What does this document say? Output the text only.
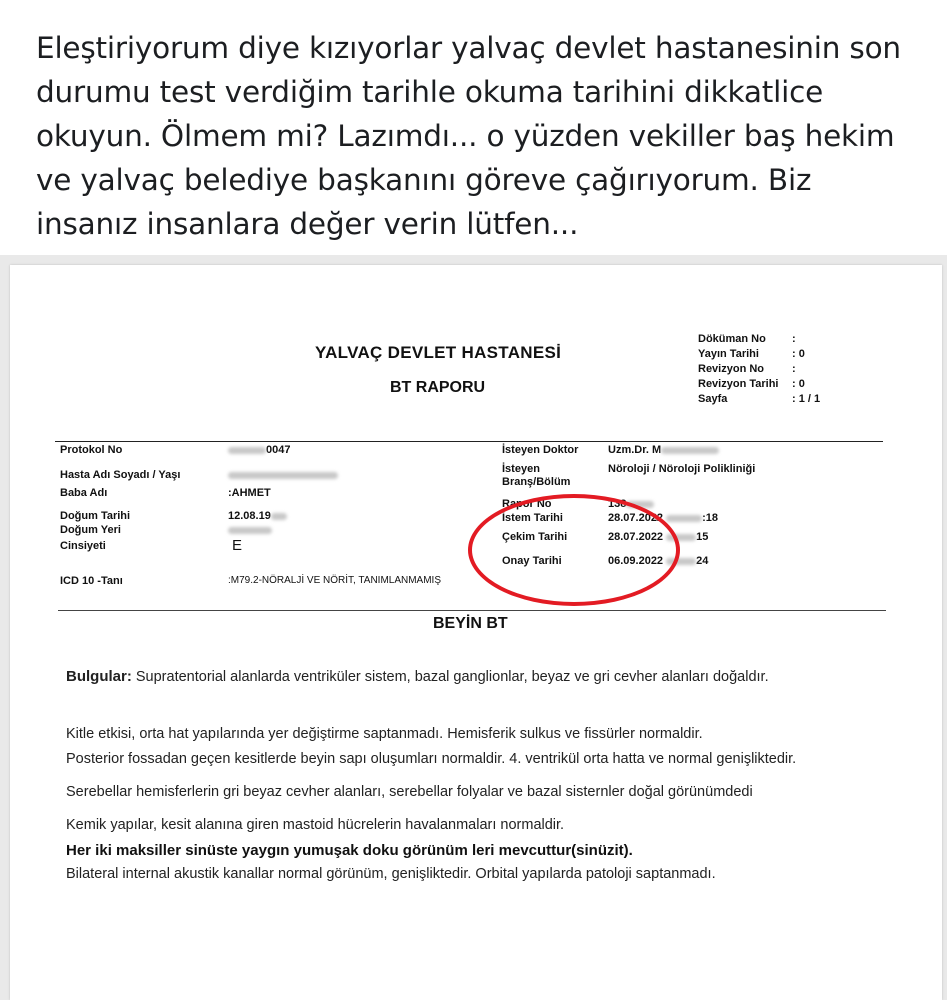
Eleştiriyorum diye kızıyorlar yalvaç devlet hastanesinin son
durumu test verdiğim tarihle okuma tarihini dikkatlice
okuyun. Ölmem mi? Lazımdı... o yüzden vekiller baş hekim
ve yalvaç belediye başkanını göreve çağırıyorum. Biz
insanız insanlara değer verin lütfen...
YALVAÇ DEVLET HASTANESİ
BT RAPORU
Döküman No :
Yayın Tarihi	: 0
Revizyon No	:
Revizyon Tarihi : 0
Sayfa	: 1 / 1
Protokol No	0047
Hasta Adı Soyadı / Yaşı
Baba Adı	:AHMET
Doğum Tarihi	12.08.19
Doğum Yeri
Cinsiyeti	E
ICD 10 -Tanı	:M79.2-NÖRALJİ VE NÖRİT, TANIMLANMAMIŞ
İsteyen Doktor	Uzm.Dr. M
İsteyen Branş/Bölüm
Nöroloji / Nöroloji Polikliniği
Rapor No	138
İstem Tarihi	28.07.2022	:18
Çekim Tarihi	28.07.2022	15
Onay Tarihi	06.09.2022	24
BEYİN BT
Bulgular: Supratentorial alanlarda ventriküler sistem, bazal ganglionlar, beyaz ve gri cevher alanları doğaldır.
Kitle etkisi, orta hat yapılarında yer değiştirme saptanmadı. Hemisferik sulkus ve fissürler normaldir.
Posterior fossadan geçen kesitlerde beyin sapı oluşumları normaldir. 4. ventrikül orta hatta ve normal genişliktedir.
Serebellar hemisferlerin gri beyaz cevher alanları, serebellar folyalar ve bazal sisternler doğal görünümdedi
Kemik yapılar, kesit alanına giren mastoid hücrelerin havalanmaları normaldir.
Her iki maksiller sinüste yaygın yumuşak doku görünüm leri mevcuttur(sinüzit).
Bilateral internal akustik kanallar normal görünüm, genişliktedir. Orbital yapılarda patoloji saptanmadı.
